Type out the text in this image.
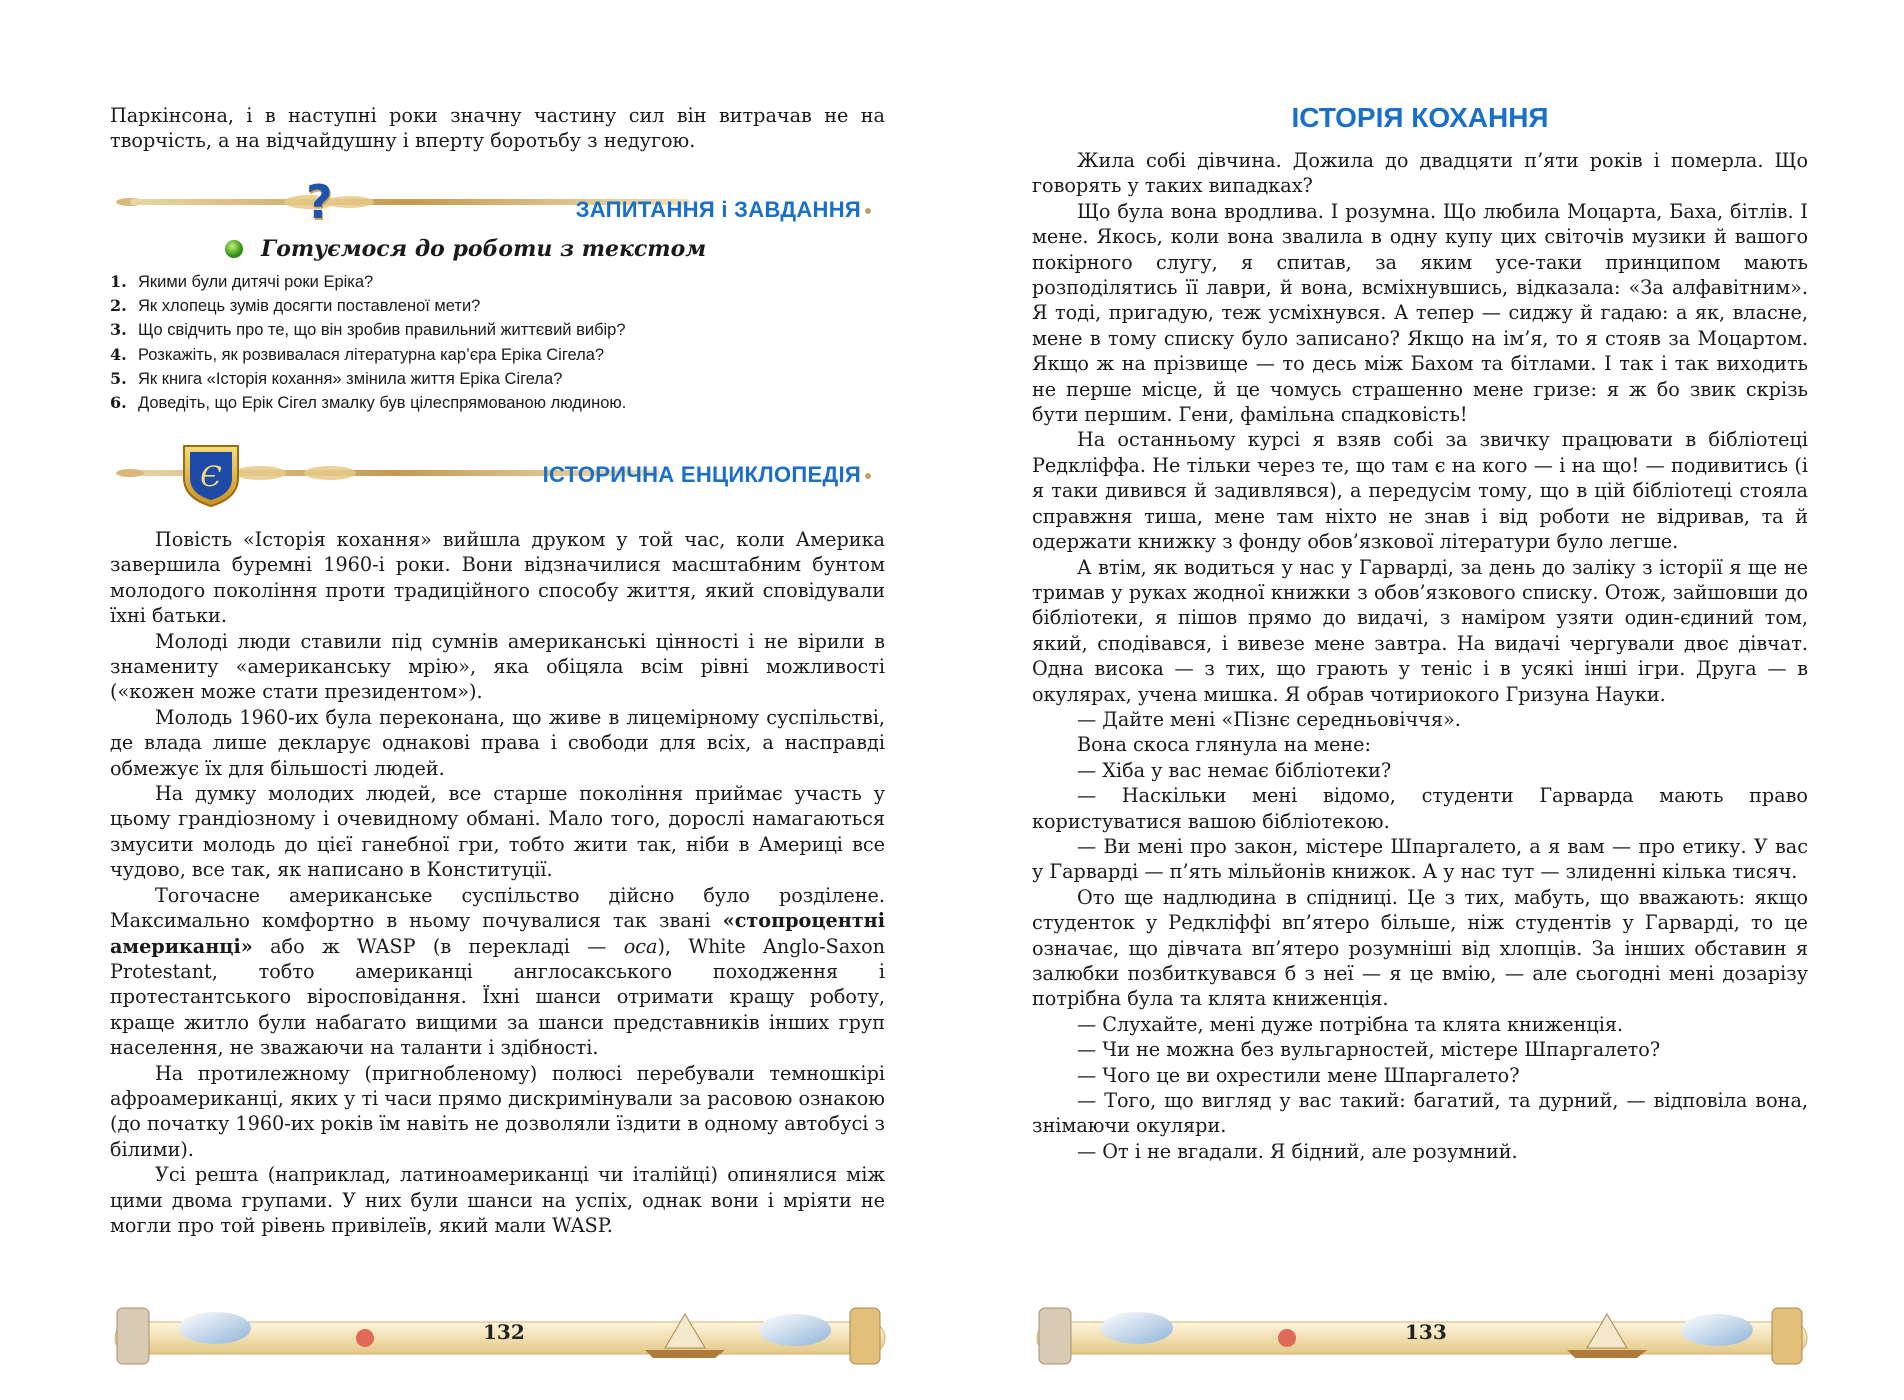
Паркінсона, і в наступні роки значну частину сил він витрачав не на творчість, а на відчайдушну і вперту боротьбу з недугою.

?	ЗАПИТАННЯ і ЗАВДАННЯ
Готуємося до роботи з текстом
1. Якими були дитячі роки Еріка?
2. Як хлопець зумів досягти поставленої мети?
3. Що свідчить про те, що він зробив правильний життєвий вибір?
4. Розкажіть, як розвивалася літературна кар’єра Еріка Сігела?
5. Як книга «Історія кохання» змінила життя Еріка Сігела?
6. Доведіть, що Ерік Сігел змалку був цілеспрямованою людиною.
ІСТОРИЧНА ЕНЦИКЛОПЕДІЯ
Є

Повість «Історія кохання» вийшла друком у той час, коли Америка завершила буремні 1960-і роки. Вони відзначилися масштабним бунтом молодого покоління проти традиційного способу життя, який сповідували їхні батьки.

Молоді люди ставили під сумнів американські цінності і не вірили в знамениту «американську мрію», яка обіцяла всім рівні можливості («кожен може стати президентом»).

Молодь 1960-их була переконана, що живе в лицемірному суспільстві, де влада лише декларує однакові права і свободи для всіх, а насправді обмежує їх для більшості людей.

На думку молодих людей, все старше покоління приймає участь у цьому грандіозному і очевидному обмані. Мало того, дорослі намагаються змусити молодь до цієї ганебної гри, тобто жити так, ніби в Америці все чудово, все так, як написано в Конституції.

Тогочасне американське суспільство дійсно було розділене. Максимально комфортно в ньому почувалися так звані «стопроцентні американці» або ж WASP (в перекладі — оса), White Anglo-Saxon Protestant, тобто американці англосакського походження і протестантського віросповідання. Їхні шанси отримати кращу роботу, краще житло були набагато вищими за шанси представників інших груп населення, не зважаючи на таланти і здібності.

На протилежному (пригнобленому) полюсі перебували темношкірі афроамериканці, яких у ті часи прямо дискримінували за расовою ознакою (до початку 1960-их років їм навіть не дозволяли їздити в одному автобусі з білими).

Усі решта (наприклад, латиноамериканці чи італійці) опинялися між цими двома групами. У них були шанси на успіх, однак вони і мріяти не могли про той рівень привілеїв, який мали WASP.

132
ІСТОРІЯ КОХАННЯ

Жила собі дівчина. Дожила до двадцяти п’яти років і померла. Що говорять у таких випадках?

Що була вона вродлива. І розумна. Що любила Моцарта, Баха, бітлів. І мене. Якось, коли вона звалила в одну купу цих світочів музики й вашого покірного слугу, я спитав, за яким усе-таки принципом мають розподілятись її лаври, й вона, всміхнувшись, відказала: «За алфавітним». Я тоді, пригадую, теж усміхнувся. А тепер — сиджу й гадаю: а як, власне, мене в тому списку було записано? Якщо на ім’я, то я стояв за Моцартом. Якщо ж на прізвище — то десь між Бахом та бітлами. І так і так виходить не перше місце, й це чомусь страшенно мене гризе: я ж бо звик скрізь бути першим. Гени, фамільна спадковість!

На останньому курсі я взяв собі за звичку працювати в бібліотеці Редкліффа. Не тільки через те, що там є на кого — і на що! — подивитись (і я таки дивився й задивлявся), а передусім тому, що в цій бібліотеці стояла справжня тиша, мене там ніхто не знав і від роботи не відривав, та й одержати книжку з фонду обов’язкової літератури було легше.

А втім, як водиться у нас у Гарварді, за день до заліку з історії я ще не тримав у руках жодної книжки з обов’язкового списку. Отож, зайшовши до бібліотеки, я пішов прямо до видачі, з наміром узяти один-єдиний том, який, сподівався, і вивезе мене завтра. На видачі чергували двоє дівчат. Одна висока — з тих, що грають у теніс і в усякі інші ігри. Друга — в окулярах, учена мишка. Я обрав чотириокого Гризуна Науки.

— Дайте мені «Пізнє середньовіччя».

Вона скоса глянула на мене:

— Хіба у вас немає бібліотеки?

— Наскільки мені відомо, студенти Гарварда мають право користуватися вашою бібліотекою.

— Ви мені про закон, містере Шпаргалето, а я вам — про етику. У вас у Гарварді — п’ять мільйонів книжок. А у нас тут — злиденні кілька тисяч.

Ото ще надлюдина в спідниці. Це з тих, мабуть, що вважають: якщо студенток у Редкліффі вп’ятеро більше, ніж студентів у Гарварді, то це означає, що дівчата вп’ятеро розумніші від хлопців. За інших обставин я залюбки позбиткувався б з неї — я це вмію, — але сьогодні мені дозарізу потрібна була та клята книженція.

— Слухайте, мені дуже потрібна та клята книженція.

— Чи не можна без вульгарностей, містере Шпаргалето?

— Чого це ви охрестили мене Шпаргалето?

— Того, що вигляд у вас такий: багатий, та дурний, — відповіла вона, знімаючи окуляри.

— От і не вгадали. Я бідний, але розумний.

133
